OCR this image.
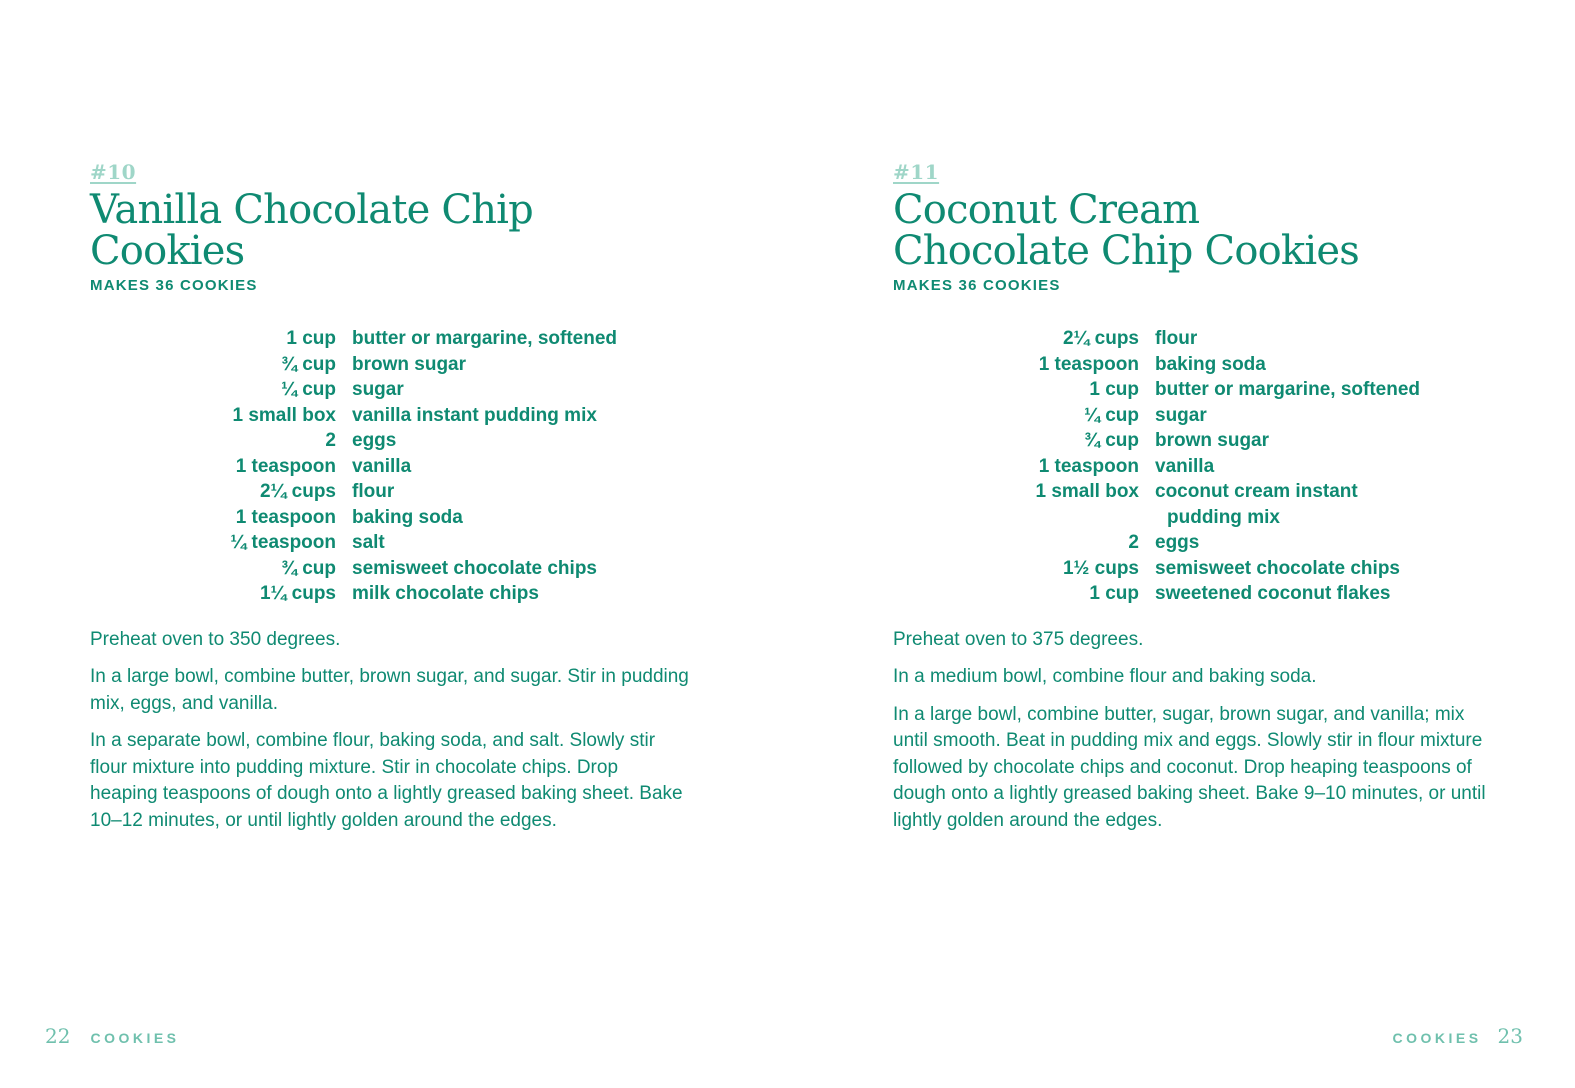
#10

Vanilla Chocolate Chip Cookies

MAKES 36 COOKIES

1 cup	butter or margarine, softened
¾ cup	brown sugar
¼ cup	sugar
1 small box	vanilla instant pudding mix
2	eggs
1 teaspoon	vanilla
2¼ cups	flour
1 teaspoon	baking soda
¼ teaspoon	salt
¾ cup	semisweet chocolate chips
1¼ cups	milk chocolate chips

Preheat oven to 350 degrees.

In a large bowl, combine butter, brown sugar, and sugar. Stir in pudding mix, eggs, and vanilla.

In a separate bowl, combine flour, baking soda, and salt. Slowly stir flour mixture into pudding mixture. Stir in chocolate chips. Drop heaping teaspoons of dough onto a lightly greased baking sheet. Bake 10–12 minutes, or until lightly golden around the edges.

22 COOKIES

#11

Coconut Cream
Chocolate Chip Cookies

MAKES 36 COOKIES

2¼ cups	flour
1 teaspoon	baking soda
1 cup	butter or margarine, softened
¼ cup	sugar
¾ cup	brown sugar
1 teaspoon	vanilla
1 small box	coconut cream instant
pudding mix

2	eggs
1½ cups	semisweet chocolate chips
1 cup	sweetened coconut flakes

Preheat oven to 375 degrees.

In a medium bowl, combine flour and baking soda.

In a large bowl, combine butter, sugar, brown sugar, and vanilla; mix until smooth. Beat in pudding mix and eggs. Slowly stir in flour mixture followed by chocolate chips and coconut. Drop heaping teaspoons of dough onto a lightly greased baking sheet. Bake 9–10 minutes, or until lightly golden around the edges.

COOKIES 23
